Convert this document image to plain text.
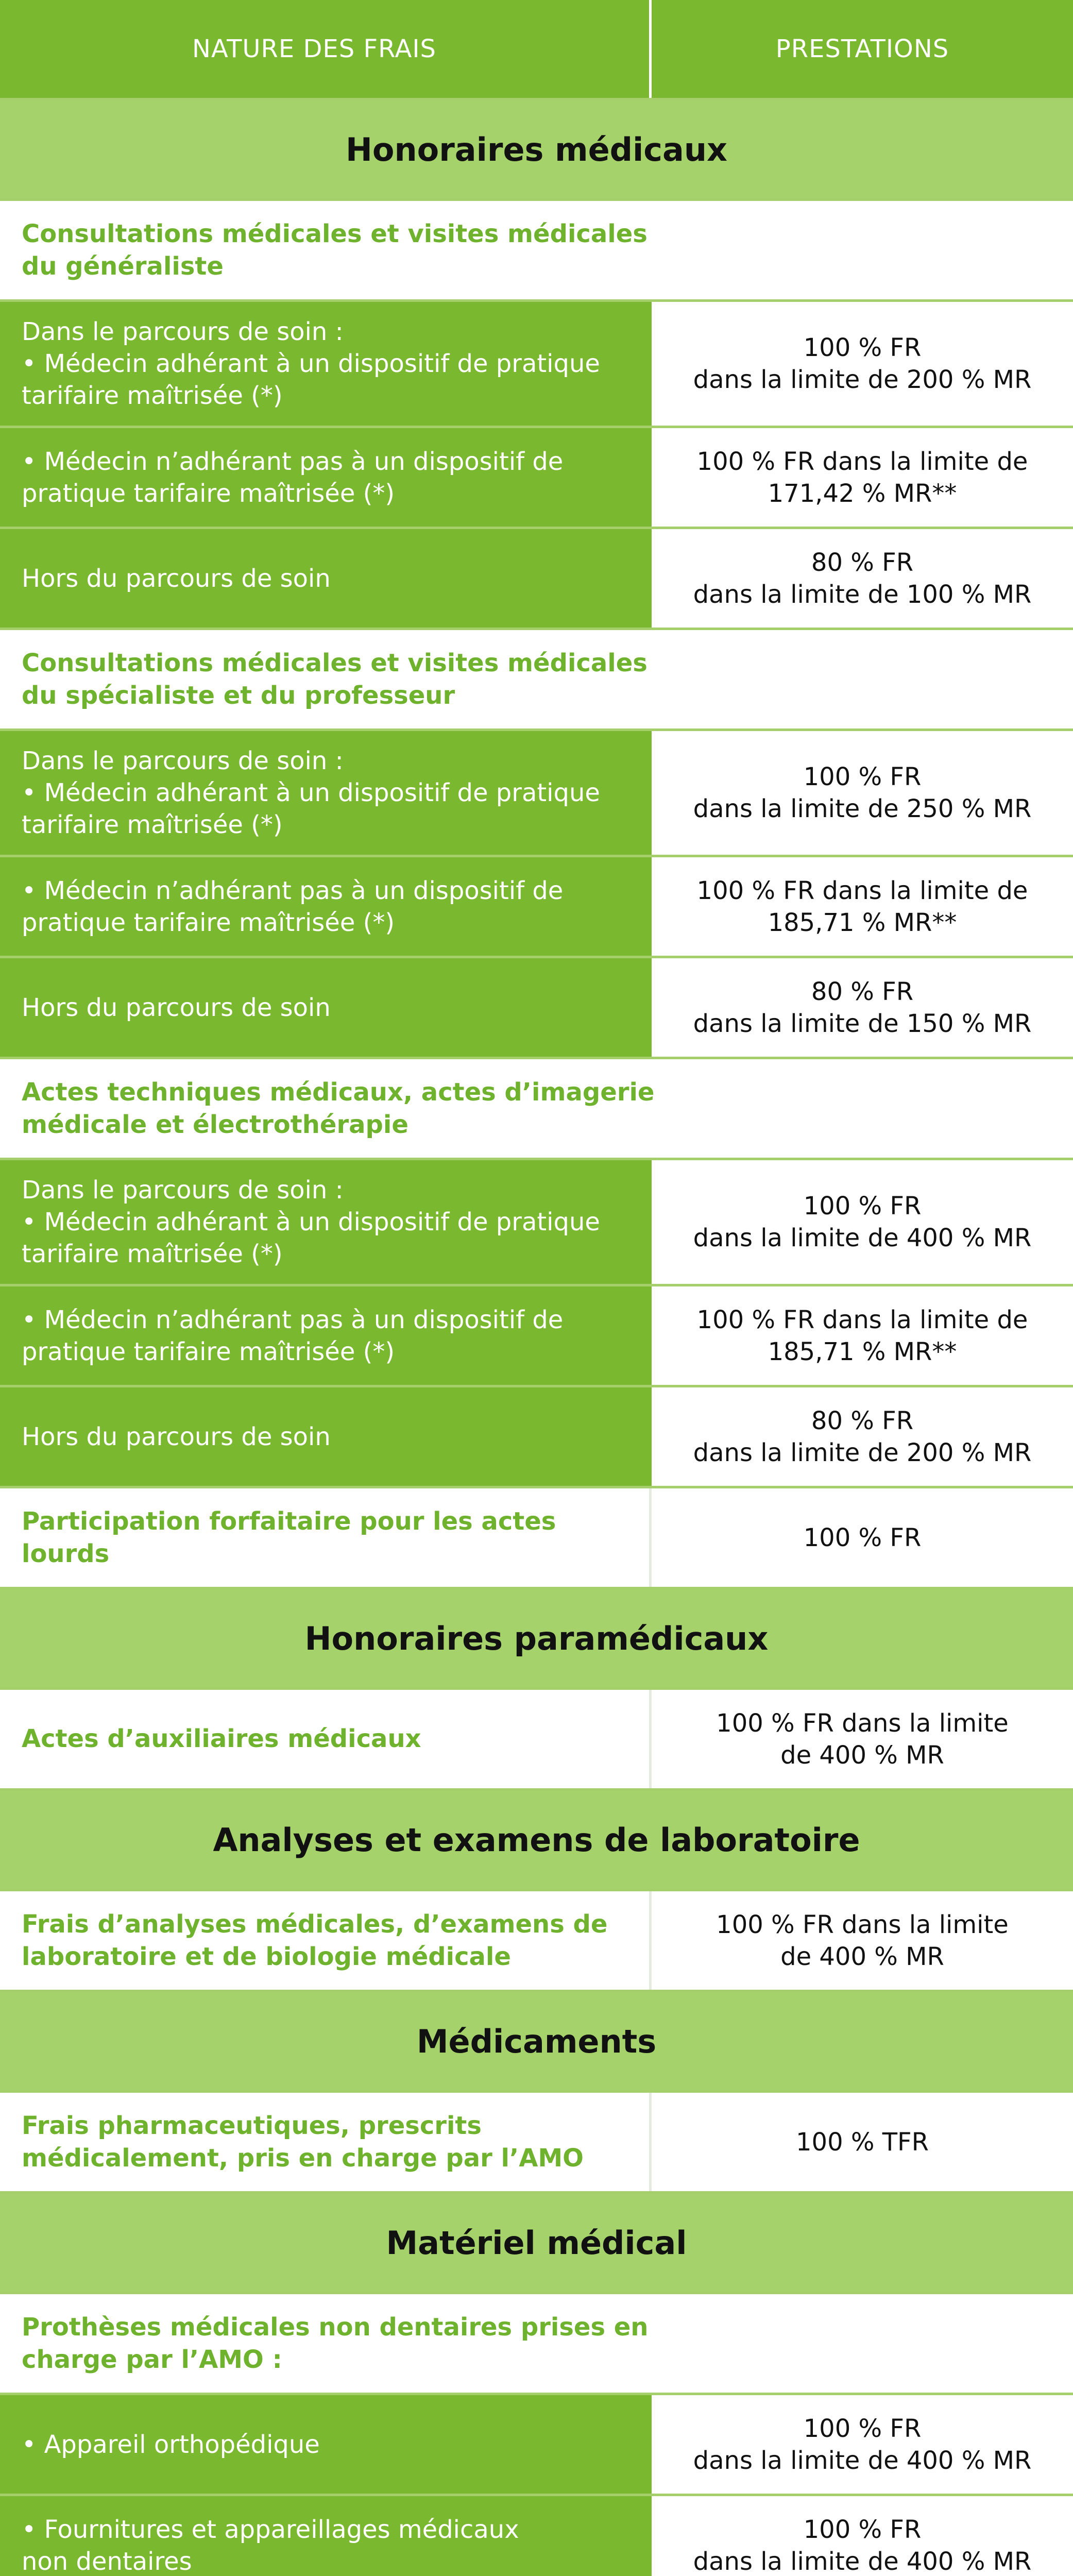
NATURE DES FRAIS	PRESTATIONS
Honoraires médicaux
Consultations médicales et visites médicales
du généraliste
Dans le parcours de soin :
• Médecin adhérant à un dispositif de pratique
tarifaire maîtrisée (*)
100 % FR
dans la limite de 200 % MR
• Médecin n’adhérant pas à un dispositif de
pratique tarifaire maîtrisée (*)
100 % FR dans la limite de
171,42 % MR**
Hors du parcours de soin
80 % FR
dans la limite de 100 % MR
Consultations médicales et visites médicales
du spécialiste et du professeur
Dans le parcours de soin :
• Médecin adhérant à un dispositif de pratique
tarifaire maîtrisée (*)
100 % FR
dans la limite de 250 % MR
• Médecin n’adhérant pas à un dispositif de
pratique tarifaire maîtrisée (*)
100 % FR dans la limite de
185,71 % MR**
Hors du parcours de soin
80 % FR
dans la limite de 150 % MR
Actes techniques médicaux, actes d’imagerie
médicale et électrothérapie
Dans le parcours de soin :
• Médecin adhérant à un dispositif de pratique
tarifaire maîtrisée (*)
100 % FR
dans la limite de 400 % MR
• Médecin n’adhérant pas à un dispositif de
pratique tarifaire maîtrisée (*)
100 % FR dans la limite de
185,71 % MR**
Hors du parcours de soin
80 % FR
dans la limite de 200 % MR
Participation forfaitaire pour les actes lourds
100 % FR
Honoraires paramédicaux
Actes d’auxiliaires médicaux
100 % FR dans la limite
de 400 % MR
Analyses et examens de laboratoire
Frais d’analyses médicales, d’examens de
laboratoire et de biologie médicale
100 % FR dans la limite
de 400 % MR
Médicaments
Frais pharmaceutiques, prescrits
médicalement, pris en charge par l’AMO
100 % TFR
Matériel médical
Prothèses médicales non dentaires prises en
charge par l’AMO :
• Appareil orthopédique
100 % FR
dans la limite de 400 % MR
• Fournitures et appareillages médicaux
non dentaires
100 % FR
dans la limite de 400 % MR
